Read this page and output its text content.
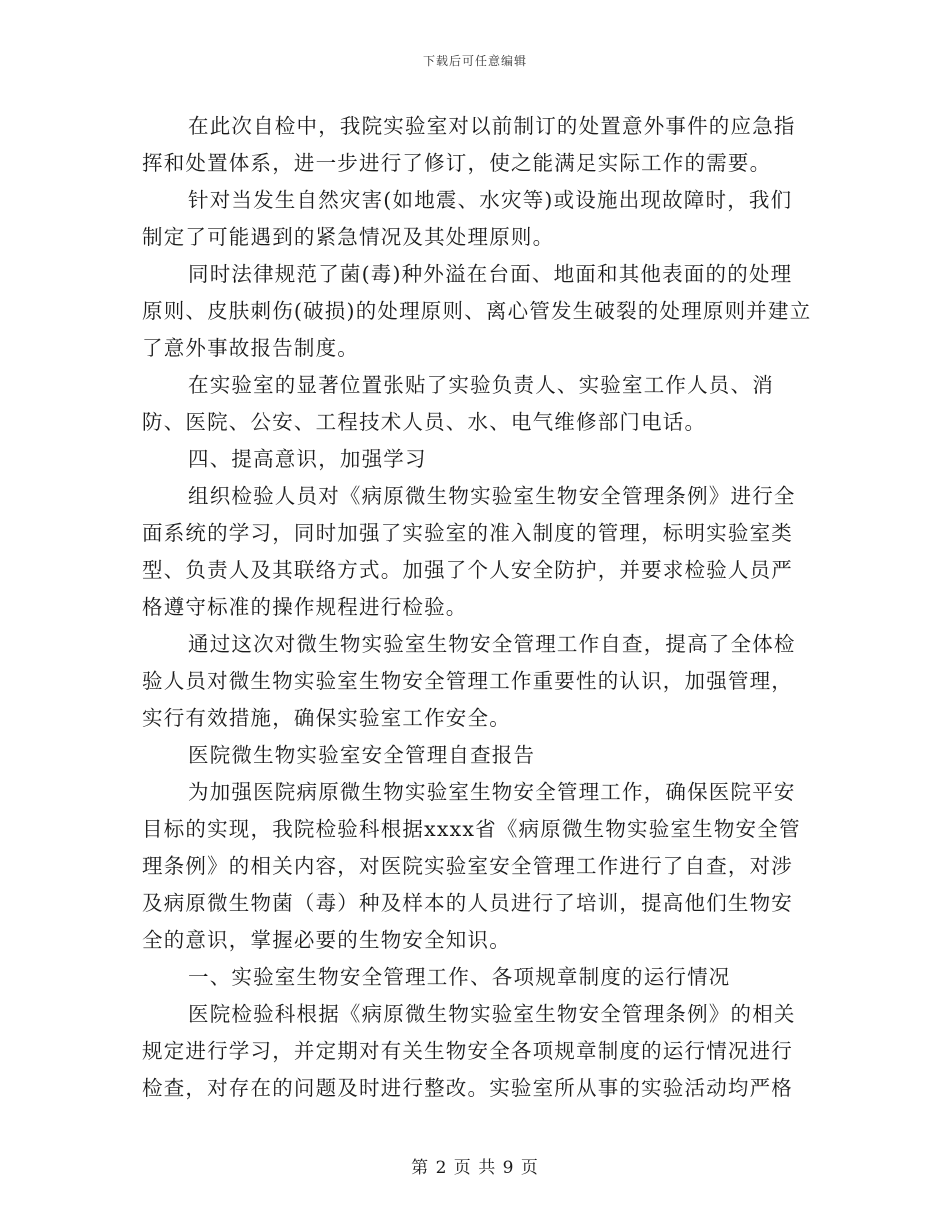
下载后可任意编辑

在此次自检中，我院实验室对以前制订的处置意外事件的应急指挥和处置体系，进一步进行了修订，使之能满足实际工作的需要。

针对当发生自然灾害(如地震、水灾等)或设施出现故障时，我们制定了可能遇到的紧急情况及其处理原则。

同时法律规范了菌(毒)种外溢在台面、地面和其他表面的的处理原则、皮肤刺伤(破损)的处理原则、离心管发生破裂的处理原则并建立了意外事故报告制度。

在实验室的显著位置张贴了实验负责人、实验室工作人员、消防、医院、公安、工程技术人员、水、电气维修部门电话。

四、提高意识，加强学习

组织检验人员对《病原微生物实验室生物安全管理条例》进行全面系统的学习，同时加强了实验室的准入制度的管理，标明实验室类型、负责人及其联络方式。加强了个人安全防护，并要求检验人员严格遵守标准的操作规程进行检验。

通过这次对微生物实验室生物安全管理工作自查，提高了全体检验人员对微生物实验室生物安全管理工作重要性的认识，加强管理，实行有效措施，确保实验室工作安全。

医院微生物实验室安全管理自查报告

为加强医院病原微生物实验室生物安全管理工作，确保医院平安目标的实现，我院检验科根据xxxx省《病原微生物实验室生物安全管理条例》的相关内容，对医院实验室安全管理工作进行了自查，对涉及病原微生物菌（毒）种及样本的人员进行了培训，提高他们生物安全的意识，掌握必要的生物安全知识。

一、实验室生物安全管理工作、各项规章制度的运行情况

医院检验科根据《病原微生物实验室生物安全管理条例》的相关规定进行学习，并定期对有关生物安全各项规章制度的运行情况进行检查，对存在的问题及时进行整改。实验室所从事的实验活动均严格

第 2 页 共 9 页
